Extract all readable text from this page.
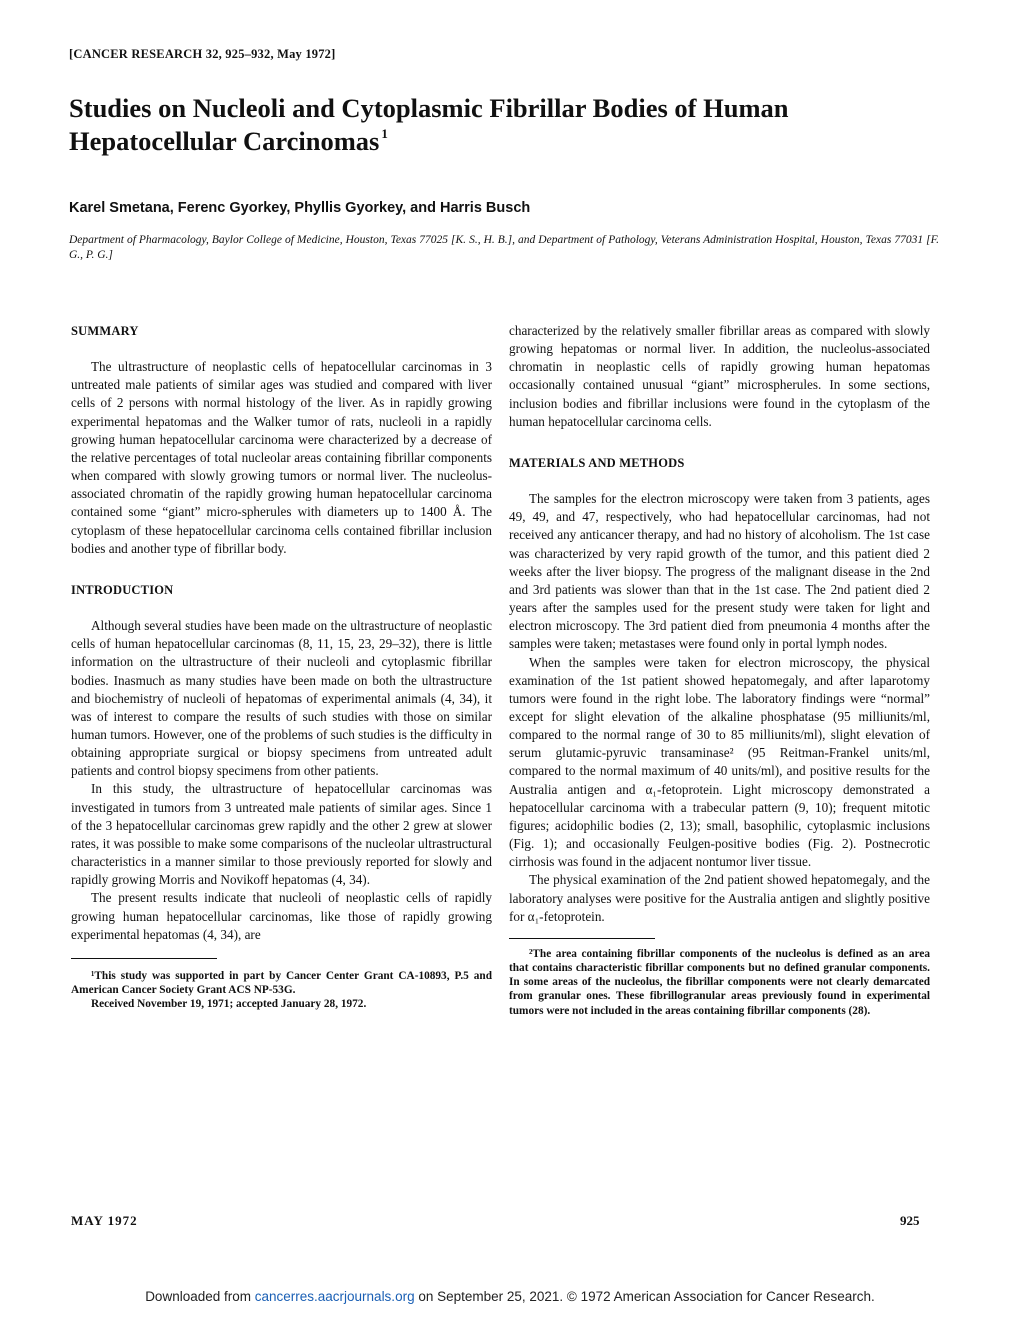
[CANCER RESEARCH 32, 925–932, May 1972]
Studies on Nucleoli and Cytoplasmic Fibrillar Bodies of Human Hepatocellular Carcinomas $^1$
Karel Smetana, Ferenc Gyorkey, Phyllis Gyorkey, and Harris Busch
Department of Pharmacology, Baylor College of Medicine, Houston, Texas 77025 [K. S., H. B.], and Department of Pathology, Veterans Administration Hospital, Houston, Texas 77031 [F. G., P. G.]
SUMMARY

The ultrastructure of neoplastic cells of hepatocellular carcinomas in 3 untreated male patients of similar ages was studied and compared with liver cells of 2 persons with normal histology of the liver. As in rapidly growing experimental hepatomas and the Walker tumor of rats, nucleoli in a rapidly growing human hepatocellular carcinoma were characterized by a decrease of the relative percentages of total nucleolar areas containing fibrillar components when compared with slowly growing tumors or normal liver. The nucleolus-associated chromatin of the rapidly growing human hepatocellular carcinoma contained some “giant” micro-spherules with diameters up to 1400 Å. The cytoplasm of these hepatocellular carcinoma cells contained fibrillar inclusion bodies and another type of fibrillar body.

INTRODUCTION

Although several studies have been made on the ultrastructure of neoplastic cells of human hepatocellular carcinomas (8, 11, 15, 23, 29–32), there is little information on the ultrastructure of their nucleoli and cytoplasmic fibrillar bodies. Inasmuch as many studies have been made on both the ultrastructure and biochemistry of nucleoli of hepatomas of experimental animals (4, 34), it was of interest to compare the results of such studies with those on similar human tumors. However, one of the problems of such studies is the difficulty in obtaining appropriate surgical or biopsy specimens from untreated adult patients and control biopsy specimens from other patients.

In this study, the ultrastructure of hepatocellular carcinomas was investigated in tumors from 3 untreated male patients of similar ages. Since 1 of the 3 hepatocellular carcinomas grew rapidly and the other 2 grew at slower rates, it was possible to make some comparisons of the nucleolar ultrastructural characteristics in a manner similar to those previously reported for slowly and rapidly growing Morris and Novikoff hepatomas (4, 34).

The present results indicate that nucleoli of neoplastic cells of rapidly growing human hepatocellular carcinomas, like those of rapidly growing experimental hepatomas (4, 34), are

¹This study was supported in part by Cancer Center Grant CA-10893, P.5 and American Cancer Society Grant ACS NP-53G.

Received November 19, 1971; accepted January 28, 1972.

characterized by the relatively smaller fibrillar areas as compared with slowly growing hepatomas or normal liver. In addition, the nucleolus-associated chromatin in neoplastic cells of rapidly growing human hepatomas occasionally contained unusual “giant” microspherules. In some sections, inclusion bodies and fibrillar inclusions were found in the cytoplasm of the human hepatocellular carcinoma cells.

MATERIALS AND METHODS

The samples for the electron microscopy were taken from 3 patients, ages 49, 49, and 47, respectively, who had hepatocellular carcinomas, had not received any anticancer therapy, and had no history of alcoholism. The 1st case was characterized by very rapid growth of the tumor, and this patient died 2 weeks after the liver biopsy. The progress of the malignant disease in the 2nd and 3rd patients was slower than that in the 1st case. The 2nd patient died 2 years after the samples used for the present study were taken for light and electron microscopy. The 3rd patient died from pneumonia 4 months after the samples were taken; metastases were found only in portal lymph nodes.

When the samples were taken for electron microscopy, the physical examination of the 1st patient showed hepatomegaly, and after laparotomy tumors were found in the right lobe. The laboratory findings were “normal” except for slight elevation of the alkaline phosphatase (95 milliunits/ml, compared to the normal range of 30 to 85 milliunits/ml), slight elevation of serum glutamic-pyruvic transaminase² (95 Reitman-Frankel units/ml, compared to the normal maximum of 40 units/ml), and positive results for the Australia antigen and α₁-fetoprotein. Light microscopy demonstrated a hepatocellular carcinoma with a trabecular pattern (9, 10); frequent mitotic figures; acidophilic bodies (2, 13); small, basophilic, cytoplasmic inclusions (Fig. 1); and occasionally Feulgen-positive bodies (Fig. 2). Postnecrotic cirrhosis was found in the adjacent nontumor liver tissue.

The physical examination of the 2nd patient showed hepatomegaly, and the laboratory analyses were positive for the Australia antigen and slightly positive for α₁-fetoprotein.

²The area containing fibrillar components of the nucleolus is defined as an area that contains characteristic fibrillar components but no defined granular components. In some areas of the nucleolus, the fibrillar components were not clearly demarcated from granular ones. These fibrillogranular areas previously found in experimental tumors were not included in the areas containing fibrillar components (28).

MAY 1972	925
Downloaded from cancerres.aacrjournals.org on September 25, 2021. © 1972 American Association for Cancer Research.
